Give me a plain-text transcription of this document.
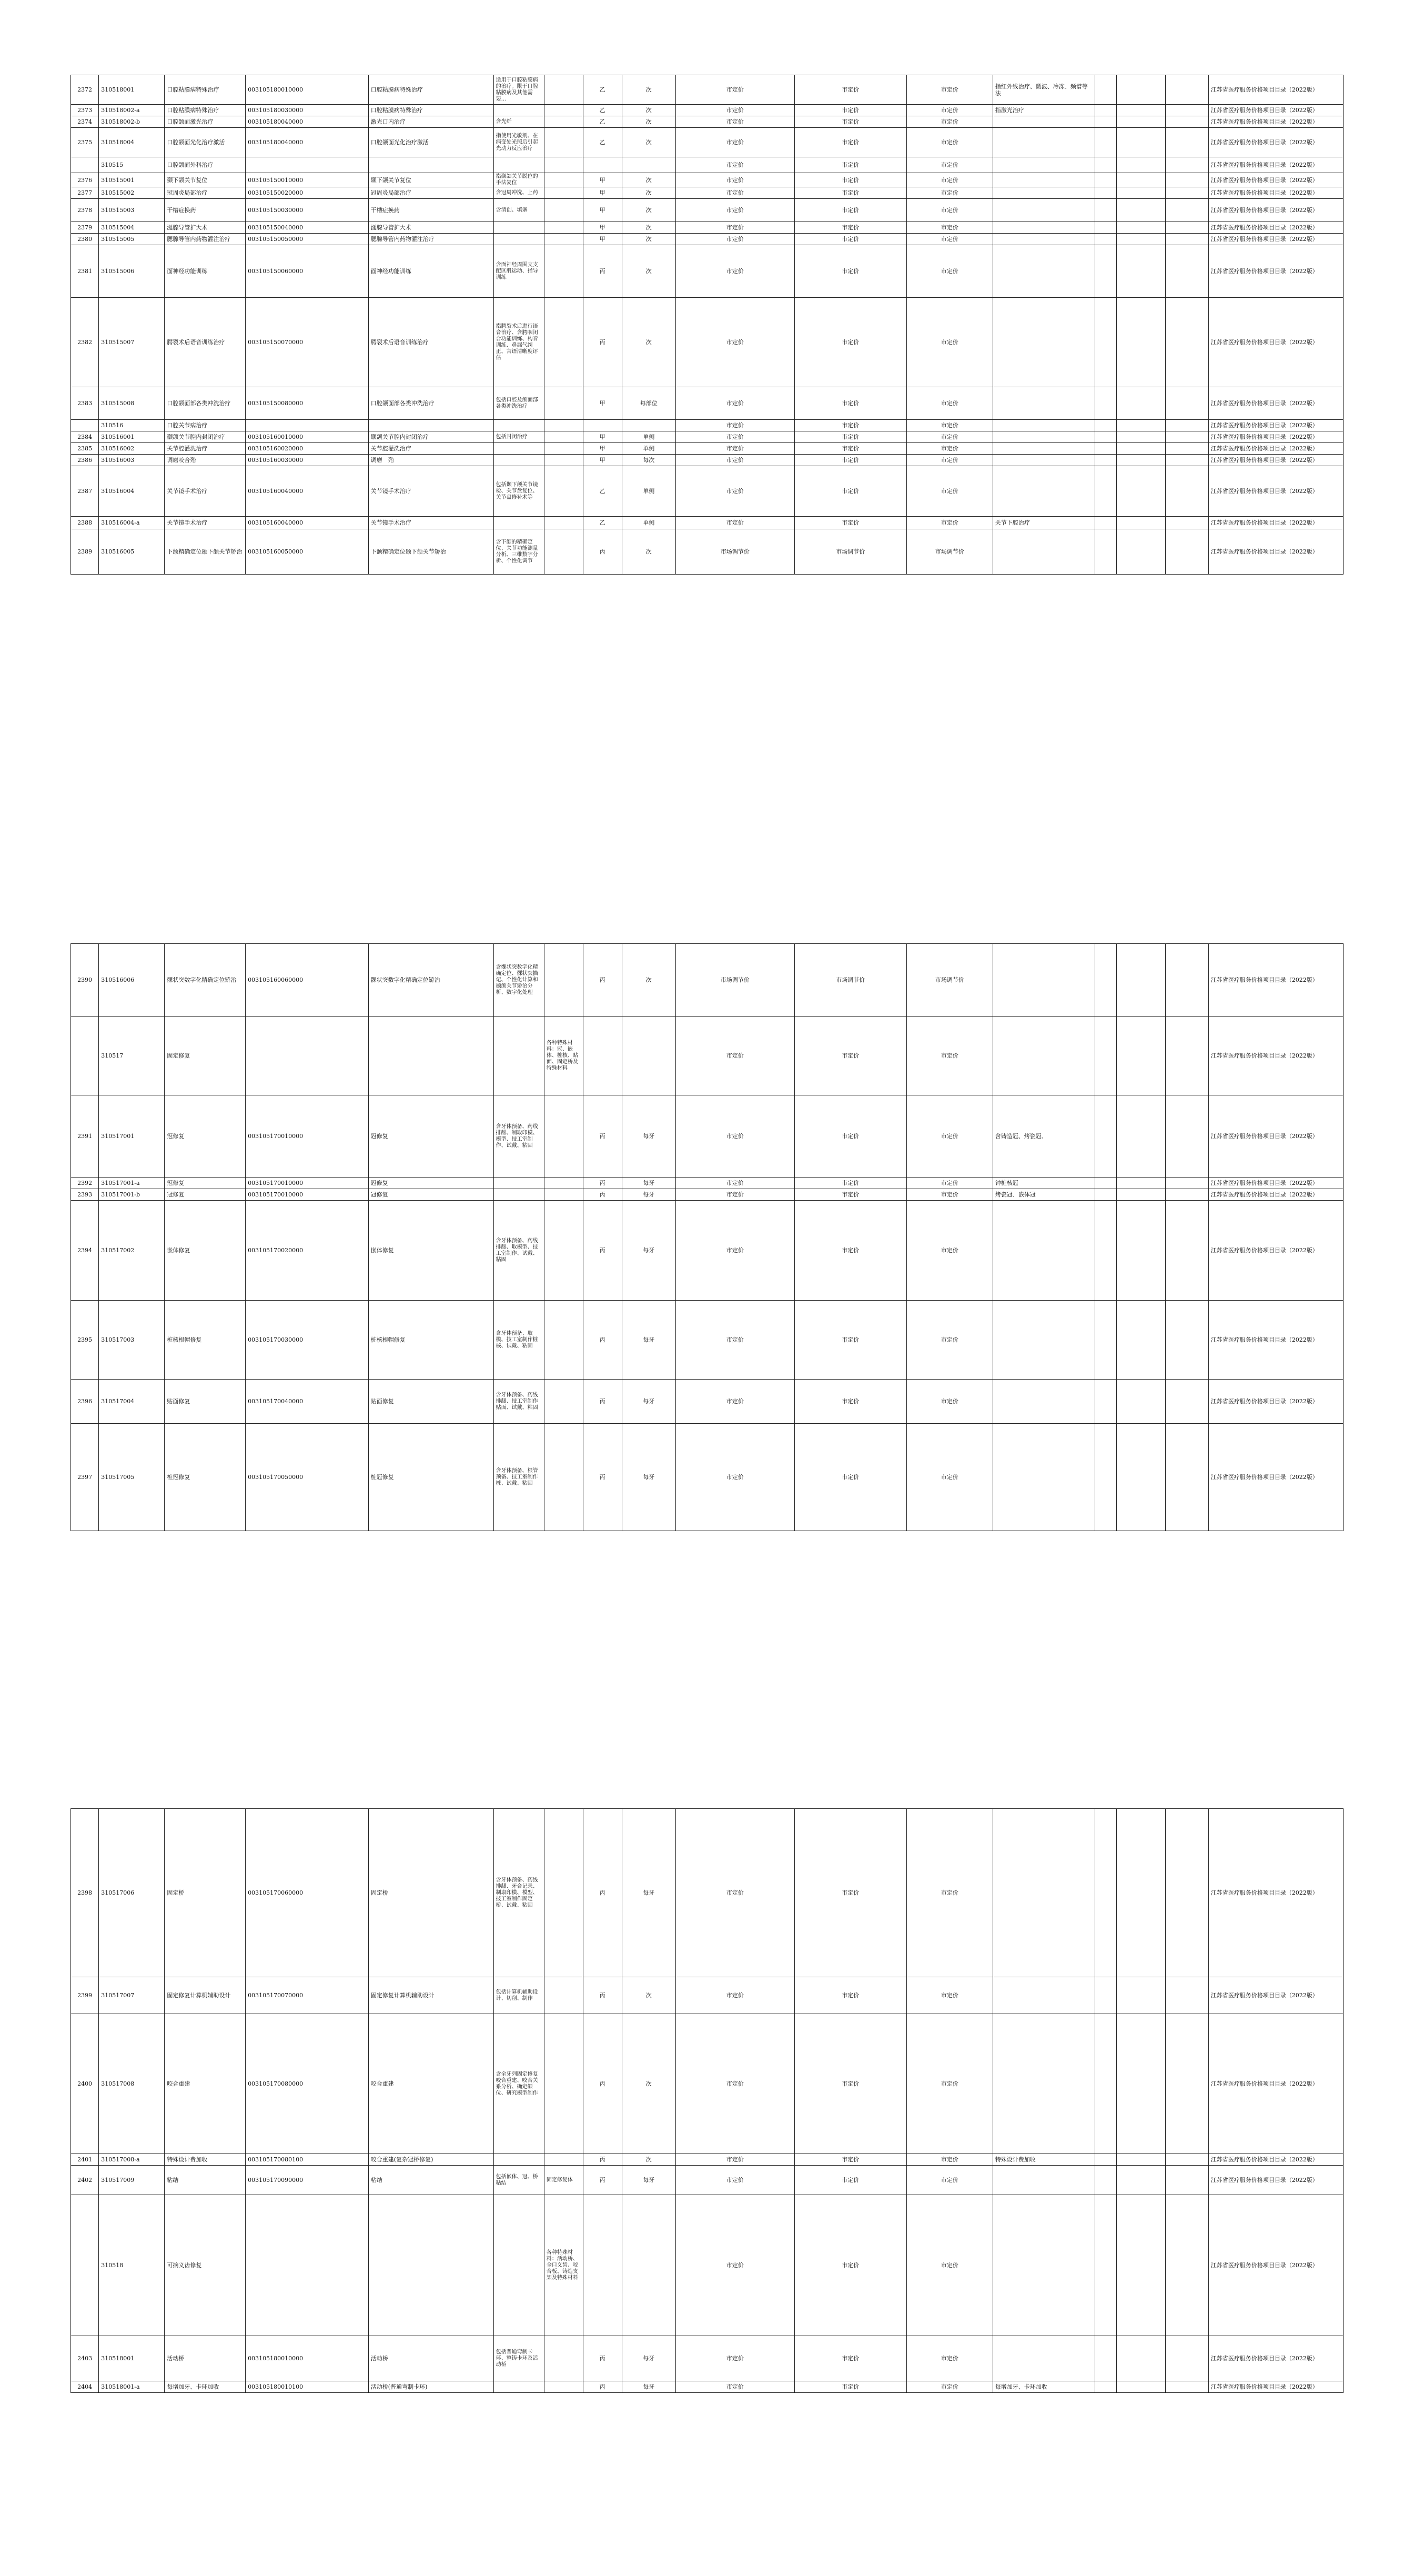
2372	310518001	口腔粘膜病特殊治疗	003105180010000	口腔粘膜病特殊治疗	适用于口腔粘膜病的治疗。限于口腔粘膜病及其他需要...		乙	次		市定价	市定价	市定价	指红外线治疗、微波、冷冻、频谱等法				江苏省医疗服务价格项目目录（2022版）
2373	310518002-a	口腔粘膜病特殊治疗	003105180030000	口腔粘膜病特殊治疗			乙	次		市定价	市定价	市定价	指激光治疗				江苏省医疗服务价格项目目录（2022版）
2374	310518002-b	口腔颌面激光治疗	003105180040000	激光口内治疗	含光纤		乙	次		市定价	市定价	市定价					江苏省医疗服务价格项目目录（2022版）
2375	310518004	口腔颌面光化治疗激活	003105180040000	口腔颌面光化治疗激活	指使用光敏剂、在病变处光照后引起光动力反应治疗		乙	次		市定价	市定价	市定价					江苏省医疗服务价格项目目录（2022版）
	310515	口腔颌面外科治疗								市定价	市定价	市定价					江苏省医疗服务价格项目目录（2022版）
2376	310515001	颞下颌关节复位	003105150010000	颞下颌关节复位	指颞颌关节脱位的手法复位		甲	次		市定价	市定价	市定价					江苏省医疗服务价格项目目录（2022版）
2377	310515002	冠周炎局部治疗	003105150020000	冠周炎局部治疗	含冠周冲洗、上药		甲	次		市定价	市定价	市定价					江苏省医疗服务价格项目目录（2022版）
2378	310515003	干槽症换药	003105150030000	干槽症换药	含清创、填塞		甲	次		市定价	市定价	市定价					江苏省医疗服务价格项目目录（2022版）
2379	310515004	涎腺导管扩大术	003105150040000	涎腺导管扩大术			甲	次		市定价	市定价	市定价					江苏省医疗服务价格项目目录（2022版）
2380	310515005	腮腺导管内药物灌注治疗	003105150050000	腮腺导管内药物灌注治疗			甲	次		市定价	市定价	市定价					江苏省医疗服务价格项目目录（2022版）
2381	310515006	面神经功能训练	003105150060000	面神经功能训练	含面神经周围支支配区肌运动、指导训练		丙	次		市定价	市定价	市定价					江苏省医疗服务价格项目目录（2022版）
2382	310515007	腭裂术后语音训练治疗	003105150070000	腭裂术后语音训练治疗	指腭裂术后进行语音治疗、含腭咽闭合功能训练、构音训练、鼻漏气纠正、言语清晰度评估		丙	次		市定价	市定价	市定价					江苏省医疗服务价格项目目录（2022版）
2383	310515008	口腔颌面部各类冲洗治疗	003105150080000	口腔颌面部各类冲洗治疗	包括口腔及颌面部各类冲洗治疗		甲	每部位		市定价	市定价	市定价					江苏省医疗服务价格项目目录（2022版）
	310516	口腔关节病治疗								市定价	市定价	市定价					江苏省医疗服务价格项目目录（2022版）
2384	310516001	颞颌关节腔内封闭治疗	003105160010000	颞颌关节腔内封闭治疗	包括封闭治疗		甲	单侧		市定价	市定价	市定价					江苏省医疗服务价格项目目录（2022版）
2385	310516002	关节腔灌洗治疗	003105160020000	关节腔灌洗治疗			甲	单侧		市定价	市定价	市定价					江苏省医疗服务价格项目目录（2022版）
2386	310516003	调磨咬合殆	003105160030000	调磨　殆			甲	每次		市定价	市定价	市定价					江苏省医疗服务价格项目目录（2022版）
2387	310516004	关节镜手术治疗	003105160040000	关节镜手术治疗	包括颞下颌关节镜检、关节盘复位、关节盘修补术等		乙	单侧		市定价	市定价	市定价					江苏省医疗服务价格项目目录（2022版）
2388	310516004-a	关节镜手术治疗	003105160040000	关节镜手术治疗			乙	单侧		市定价	市定价	市定价	关节下腔治疗				江苏省医疗服务价格项目目录（2022版）
2389	310516005	下颌精确定位颞下颌关节矫治	003105160050000	下颌精确定位颞下颌关节矫治	含下颌的精确定位、关节功能测量分析、三维数字分析、个性化调节		丙	次		市场调节价	市场调节价	市场调节价					江苏省医疗服务价格项目目录（2022版）
2390	310516006	髁状突数字化精确定位矫治	003105160060000	髁状突数字化精确定位矫治	含髁状突数字化精确定位、髁状突描记、个性化计算和颞颌关节矫治分析、数字化处理		丙	次		市场调节价	市场调节价	市场调节价					江苏省医疗服务价格项目目录（2022版）
	310517	固定修复				各种特殊材料：冠、嵌体、桩核、贴面、固定桥及特殊材料				市定价	市定价	市定价					江苏省医疗服务价格项目目录（2022版）
2391	310517001	冠修复	003105170010000	冠修复	含牙体预备、药线排龈、制取印模、模型、技工室制作、试戴、粘固		丙	每牙		市定价	市定价	市定价	含铸造冠、烤瓷冠、				江苏省医疗服务价格项目目录（2022版）
2392	310517001-a	冠修复	003105170010000	冠修复			丙	每牙		市定价	市定价	市定价	钟桩核冠				江苏省医疗服务价格项目目录（2022版）
2393	310517001-b	冠修复	003105170010000	冠修复			丙	每牙		市定价	市定价	市定价	烤瓷冠、嵌体冠				江苏省医疗服务价格项目目录（2022版）
2394	310517002	嵌体修复	003105170020000	嵌体修复	含牙体预备、药线排龈、取模型、技工室制作、试戴、粘固		丙	每牙		市定价	市定价	市定价					江苏省医疗服务价格项目目录（2022版）
2395	310517003	桩核根帽修复	003105170030000	桩核根帽修复	含牙体预备、取模、技工室制作桩核、试戴、粘固		丙	每牙		市定价	市定价	市定价					江苏省医疗服务价格项目目录（2022版）
2396	310517004	贴面修复	003105170040000	贴面修复	含牙体预备、药线排龈、技工室制作贴面、试戴、粘固		丙	每牙		市定价	市定价	市定价					江苏省医疗服务价格项目目录（2022版）
2397	310517005	桩冠修复	003105170050000	桩冠修复	含牙体预备、根管预备、技工室制作桩、试戴、粘固		丙	每牙		市定价	市定价	市定价					江苏省医疗服务价格项目目录（2022版）
2398	310517006	固定桥	003105170060000	固定桥	含牙体预备、药线排龈、牙合记录、制取印模、模型、技工室制作固定桥、试戴、粘固		丙	每牙		市定价	市定价	市定价					江苏省医疗服务价格项目目录（2022版）
2399	310517007	固定修复计算机辅助设计	003105170070000	固定修复计算机辅助设计	包括计算机辅助设计、切削、制作		丙	次		市定价	市定价	市定价					江苏省医疗服务价格项目目录（2022版）
2400	310517008	咬合重建	003105170080000	咬合重建	含全牙列固定修复咬合重建、咬合关系分析、确定颌位、研究模型制作		丙	次		市定价	市定价	市定价					江苏省医疗服务价格项目目录（2022版）
2401	310517008-a	特殊设计费加收	003105170080100	咬合重建(复杂冠桥修复)			丙	次		市定价	市定价	市定价	特殊设计费加收				江苏省医疗服务价格项目目录（2022版）
2402	310517009	粘结	003105170090000	粘结	包括嵌体、冠、桥粘结	固定修复体	丙	每牙		市定价	市定价	市定价					江苏省医疗服务价格项目目录（2022版）
	310518	可摘义齿修复				各种特殊材料：活动桥、全口义齿、咬合板、铸造支架及特殊材料				市定价	市定价	市定价					江苏省医疗服务价格项目目录（2022版）
2403	310518001	活动桥	003105180010000	活动桥	包括普通弯制卡环、整铸卡环及活动桥		丙	每牙		市定价	市定价	市定价					江苏省医疗服务价格项目目录（2022版）
2404	310518001-a	每增加牙、卡环加收	003105180010100	活动桥(普通弯制卡环)			丙	每牙		市定价	市定价	市定价	每增加牙、卡环加收				江苏省医疗服务价格项目目录（2022版）
